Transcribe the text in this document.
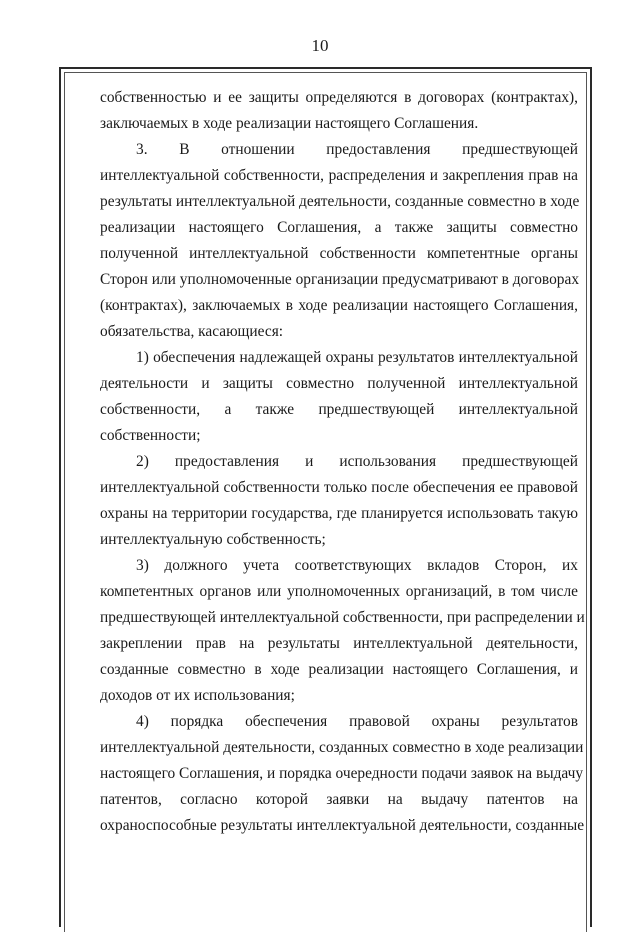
10
собственностью и ее защиты определяются в договорах (контрактах),
заключаемых в ходе реализации настоящего Соглашения.
3. В отношении предоставления предшествующей
интеллектуальной собственности, распределения и закрепления прав на
результаты интеллектуальной деятельности, созданные совместно в ходе
реализации настоящего Соглашения, а также защиты совместно
полученной интеллектуальной собственности компетентные органы
Сторон или уполномоченные организации предусматривают в договорах
(контрактах), заключаемых в ходе реализации настоящего Соглашения,
обязательства, касающиеся:
1) обеспечения надлежащей охраны результатов интеллектуальной
деятельности и защиты совместно полученной интеллектуальной
собственности, а также предшествующей интеллектуальной
собственности;
2) предоставления и использования предшествующей
интеллектуальной собственности только после обеспечения ее правовой
охраны на территории государства, где планируется использовать такую
интеллектуальную собственность;
3) должного учета соответствующих вкладов Сторон, их
компетентных органов или уполномоченных организаций, в том числе
предшествующей интеллектуальной собственности, при распределении и
закреплении прав на результаты интеллектуальной деятельности,
созданные совместно в ходе реализации настоящего Соглашения, и
доходов от их использования;
4) порядка обеспечения правовой охраны результатов
интеллектуальной деятельности, созданных совместно в ходе реализации
настоящего Соглашения, и порядка очередности подачи заявок на выдачу
патентов, согласно которой заявки на выдачу патентов на
охраноспособные результаты интеллектуальной деятельности, созданные
